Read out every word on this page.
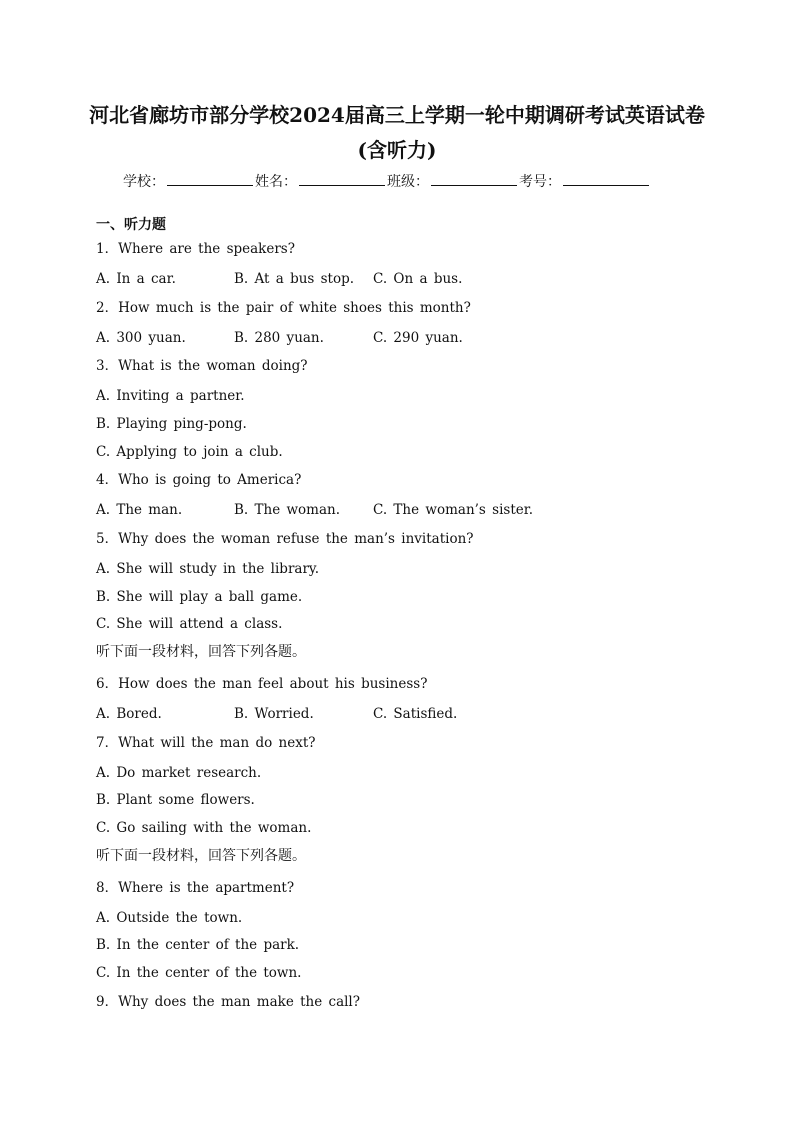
河北省廊坊市部分学校2024届高三上学期一轮中期调研考试英语试卷
(含听力)
学校：	姓名：	班级：	考号：
一、听力题
1．Where are the speakers?
A. In a car.	B. At a bus stop. C. On a bus.
2．How much is the pair of white shoes this month?
A. 300 yuan.	B. 280 yuan.	C. 290 yuan.
3．What is the woman doing?
A. Inviting a partner.
B. Playing ping-pong.
C. Applying to join a club.
4．Who is going to America?
A. The man.	B. The woman. C. The woman’s sister.
5．Why does the woman refuse the man’s invitation?
A. She will study in the library.
B. She will play a ball game.
C. She will attend a class.
听下面一段材料，回答下列各题。
6．How does the man feel about his business?
A. Bored.	B. Worried.	C. Satisfied.
7．What will the man do next?
A. Do market research.
B. Plant some flowers.
C. Go sailing with the woman.
听下面一段材料，回答下列各题。
8．Where is the apartment?
A. Outside the town.
B. In the center of the park.
C. In the center of the town.
9．Why does the man make the call?
